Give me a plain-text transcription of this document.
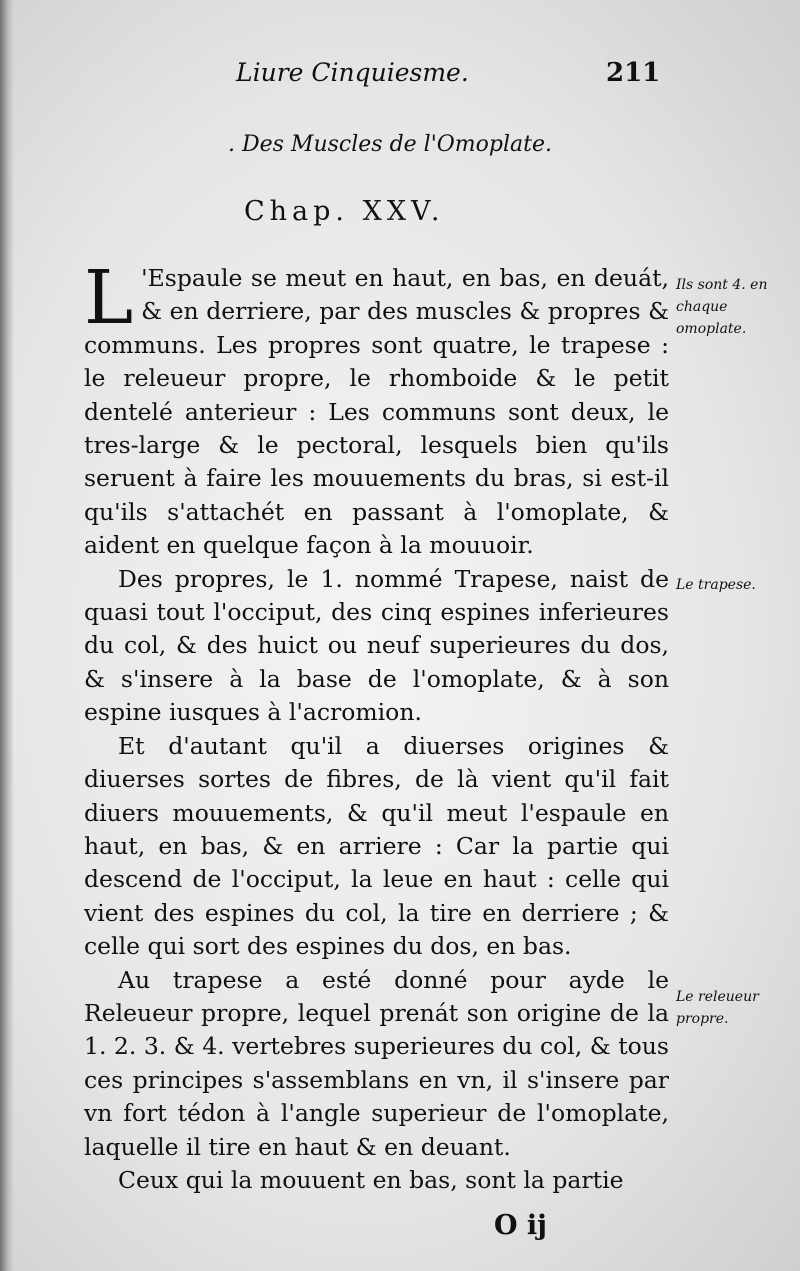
Liure Cinquiesme.	211
. Des Muscles de l'Omoplate.
Chap. XXV.

L 'Espaule se meut en haut, en bas, en deuát, & en derriere, par des muscles & propres & communs. Les propres sont quatre, le trapese : le releueur propre, le rhomboide & le petit dentelé anterieur : Les communs sont deux, le tres-large & le pectoral, lesquels bien qu'ils seruent à faire les mouuements du bras, si est-il qu'ils s'attachét en passant à l'omoplate, & aident en quelque façon à la mouuoir.

Des propres, le 1. nommé Trapese, naist de quasi tout l'occiput, des cinq espines inferieures du col, & des huict ou neuf superieures du dos, & s'insere à la base de l'omoplate, & à son espine iusques à l'acromion.

Et d'autant qu'il a diuerses origines & diuerses sortes de fibres, de là vient qu'il fait diuers mouuements, & qu'il meut l'espaule en haut, en bas, & en arriere : Car la partie qui descend de l'occiput, la leue en haut : celle qui vient des espines du col, la tire en derriere ; & celle qui sort des espines du dos, en bas.

Au trapese a esté donné pour ayde le Releueur propre, lequel prenát son origine de la 1. 2. 3. & 4. vertebres superieures du col, & tous ces principes s'assemblans en vn, il s'insere par vn fort tédon à l'angle superieur de l'omoplate, laquelle il tire en haut & en deuant.

Ceux qui la mouuent en bas, sont la partie

Ils sont 4. en chaque omoplate.
Le trapese.
Le releueur propre.
O ij
